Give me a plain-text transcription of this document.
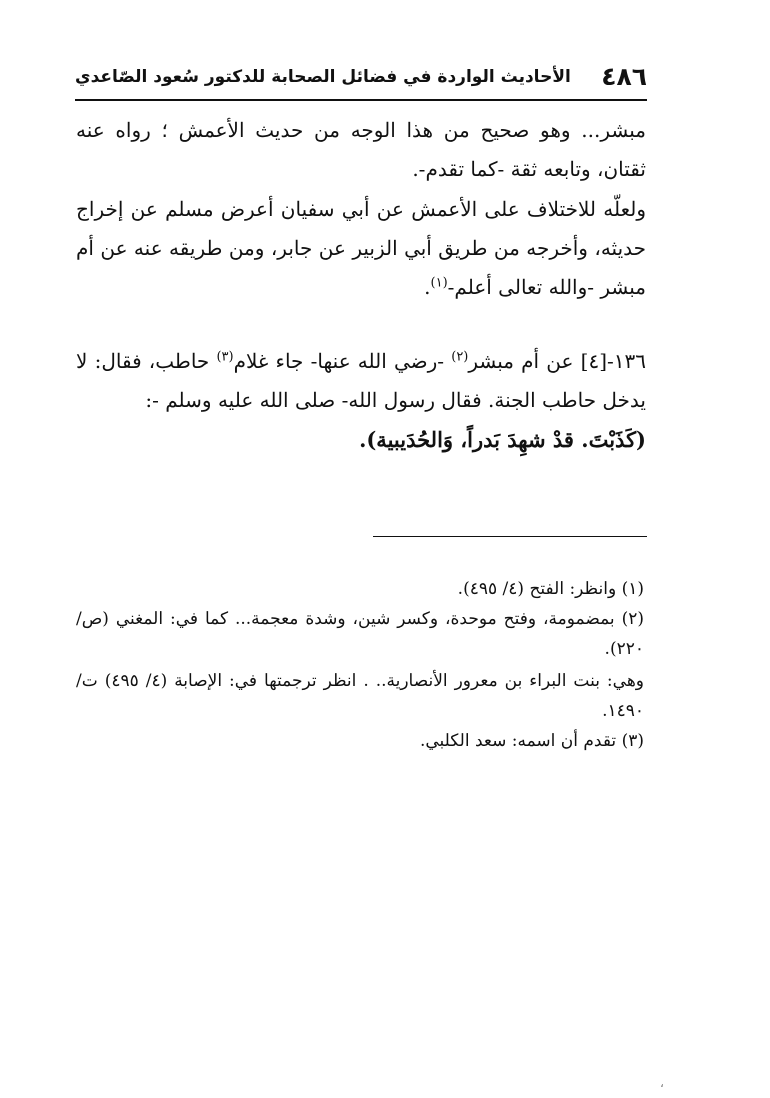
٤٨٦
الأحاديث الواردة في فضائل الصحابة للدكتور سُعود الصّاعدي

مبشر... وهو صحيح من هذا الوجه من حديث الأعمش ؛ رواه عنه ثقتان، وتابعه ثقة -كما تقدم-.

ولعلّه للاختلاف على الأعمش عن أبي سفيان أعرض مسلم عن إخراج حديثه، وأخرجه من طريق أبي الزبير عن جابر، ومن طريقه عنه عن أم مبشر -والله تعالى أعلم-$^{(١)}$.

١٣٦-[٤] عن أم مبشر$^{(٢)}$ -رضي الله عنها- جاء غلام$^{(٣)}$ حاطب، فقال: لا يدخل حاطب الجنة. فقال رسول الله- صلى الله عليه وسلم -:

(كَذَبْتَ. قدْ شهِدَ بَدراً، وَالحُدَيبية).

(١) وانظر: الفتح (٤/ ٤٩٥).

(٢) بمضمومة، وفتح موحدة، وكسر شين، وشدة معجمة... كما في: المغني (ص/ ٢٢٠).

وهي: بنت البراء بن معرور الأنصارية.. . انظر ترجمتها في: الإصابة (٤/ ٤٩٥) ت/ ١٤٩٠.

(٣) تقدم أن اسمه: سعد الكلبي.

،
